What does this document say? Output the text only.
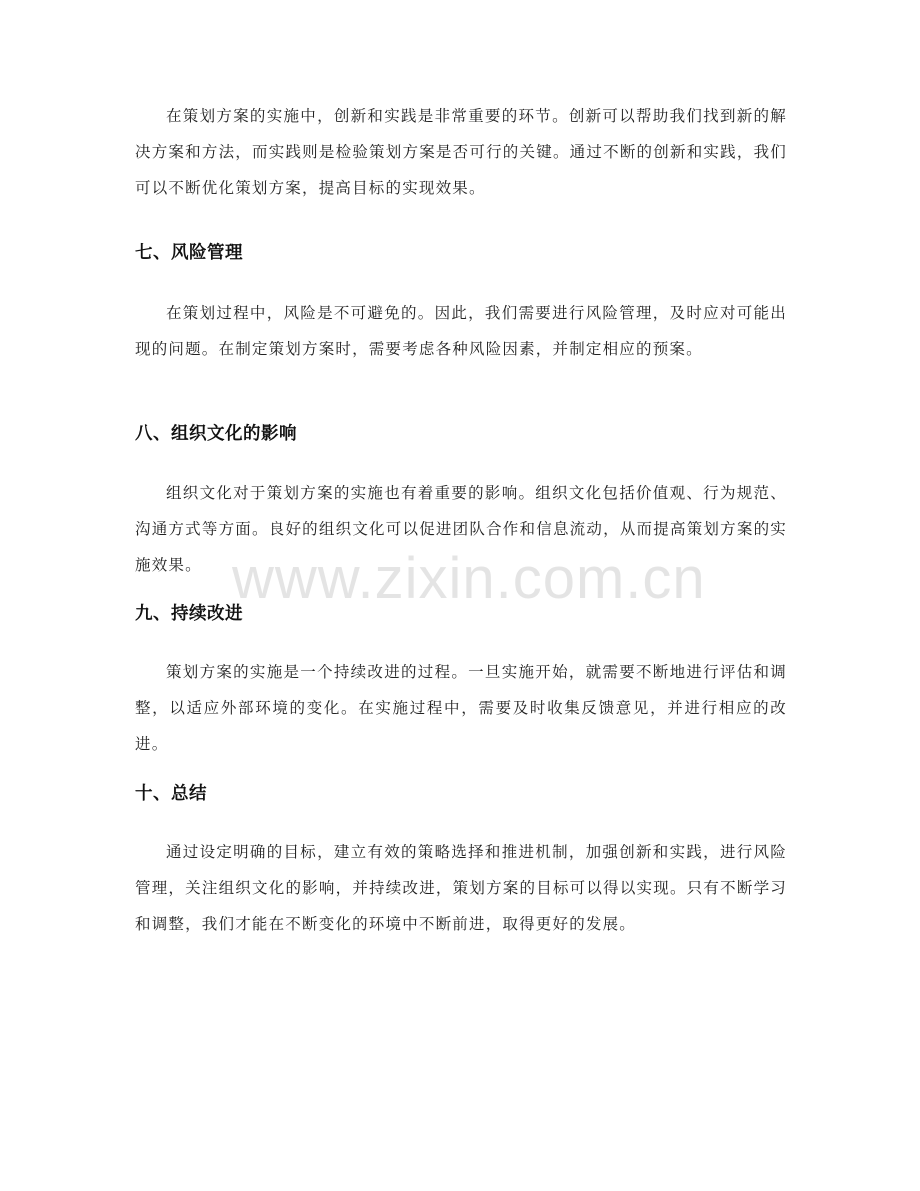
在策划方案的实施中，创新和实践是非常重要的环节。创新可以帮助我们找到新的解决方案和方法，而实践则是检验策划方案是否可行的关键。通过不断的创新和实践，我们可以不断优化策划方案，提高目标的实现效果。

七、风险管理

在策划过程中，风险是不可避免的。因此，我们需要进行风险管理，及时应对可能出现的问题。在制定策划方案时，需要考虑各种风险因素，并制定相应的预案。

八、组织文化的影响

组织文化对于策划方案的实施也有着重要的影响。组织文化包括价值观、行为规范、沟通方式等方面。良好的组织文化可以促进团队合作和信息流动，从而提高策划方案的实施效果。

九、持续改进

策划方案的实施是一个持续改进的过程。一旦实施开始，就需要不断地进行评估和调整，以适应外部环境的变化。在实施过程中，需要及时收集反馈意见，并进行相应的改进。

十、总结

通过设定明确的目标，建立有效的策略选择和推进机制，加强创新和实践，进行风险管理，关注组织文化的影响，并持续改进，策划方案的目标可以得以实现。只有不断学习和调整，我们才能在不断变化的环境中不断前进，取得更好的发展。

www.zixin.com.cn
